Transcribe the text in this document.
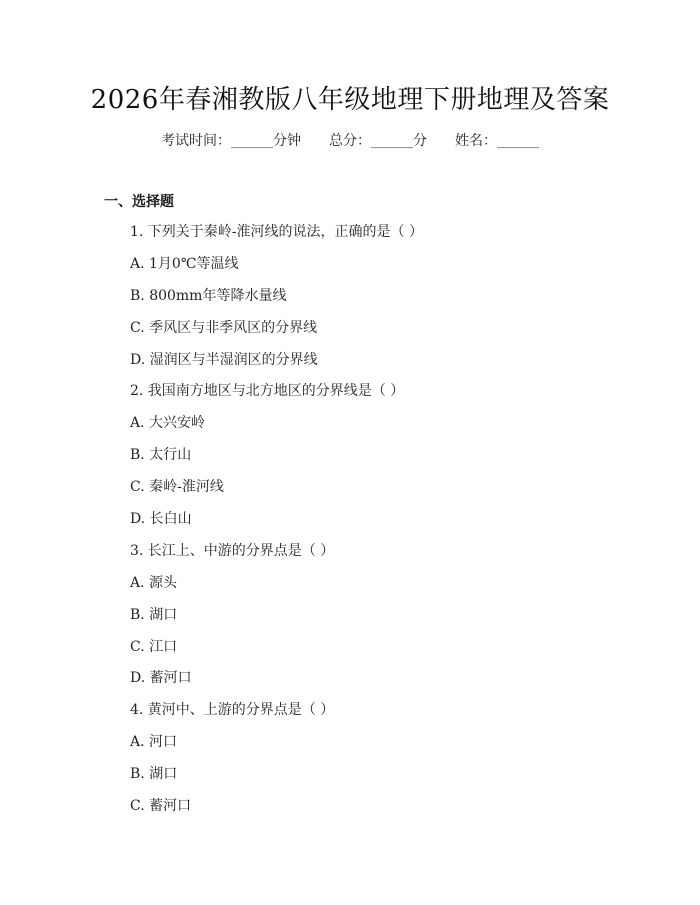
2026年春湘教版八年级地理下册地理及答案
考试时间：______分钟 总分：______分 姓名：______
一、选择题
1. 下列关于秦岭-淮河线的说法，正确的是（ ）
A. 1月0℃等温线
B. 800mm年等降水量线
C. 季风区与非季风区的分界线
D. 湿润区与半湿润区的分界线
2. 我国南方地区与北方地区的分界线是（ ）
A. 大兴安岭
B. 太行山
C. 秦岭-淮河线
D. 长白山
3. 长江上、中游的分界点是（ ）
A. 源头
B. 湖口
C. 江口
D. 蓄河口
4. 黄河中、上游的分界点是（ ）
A. 河口
B. 湖口
C. 蓄河口
